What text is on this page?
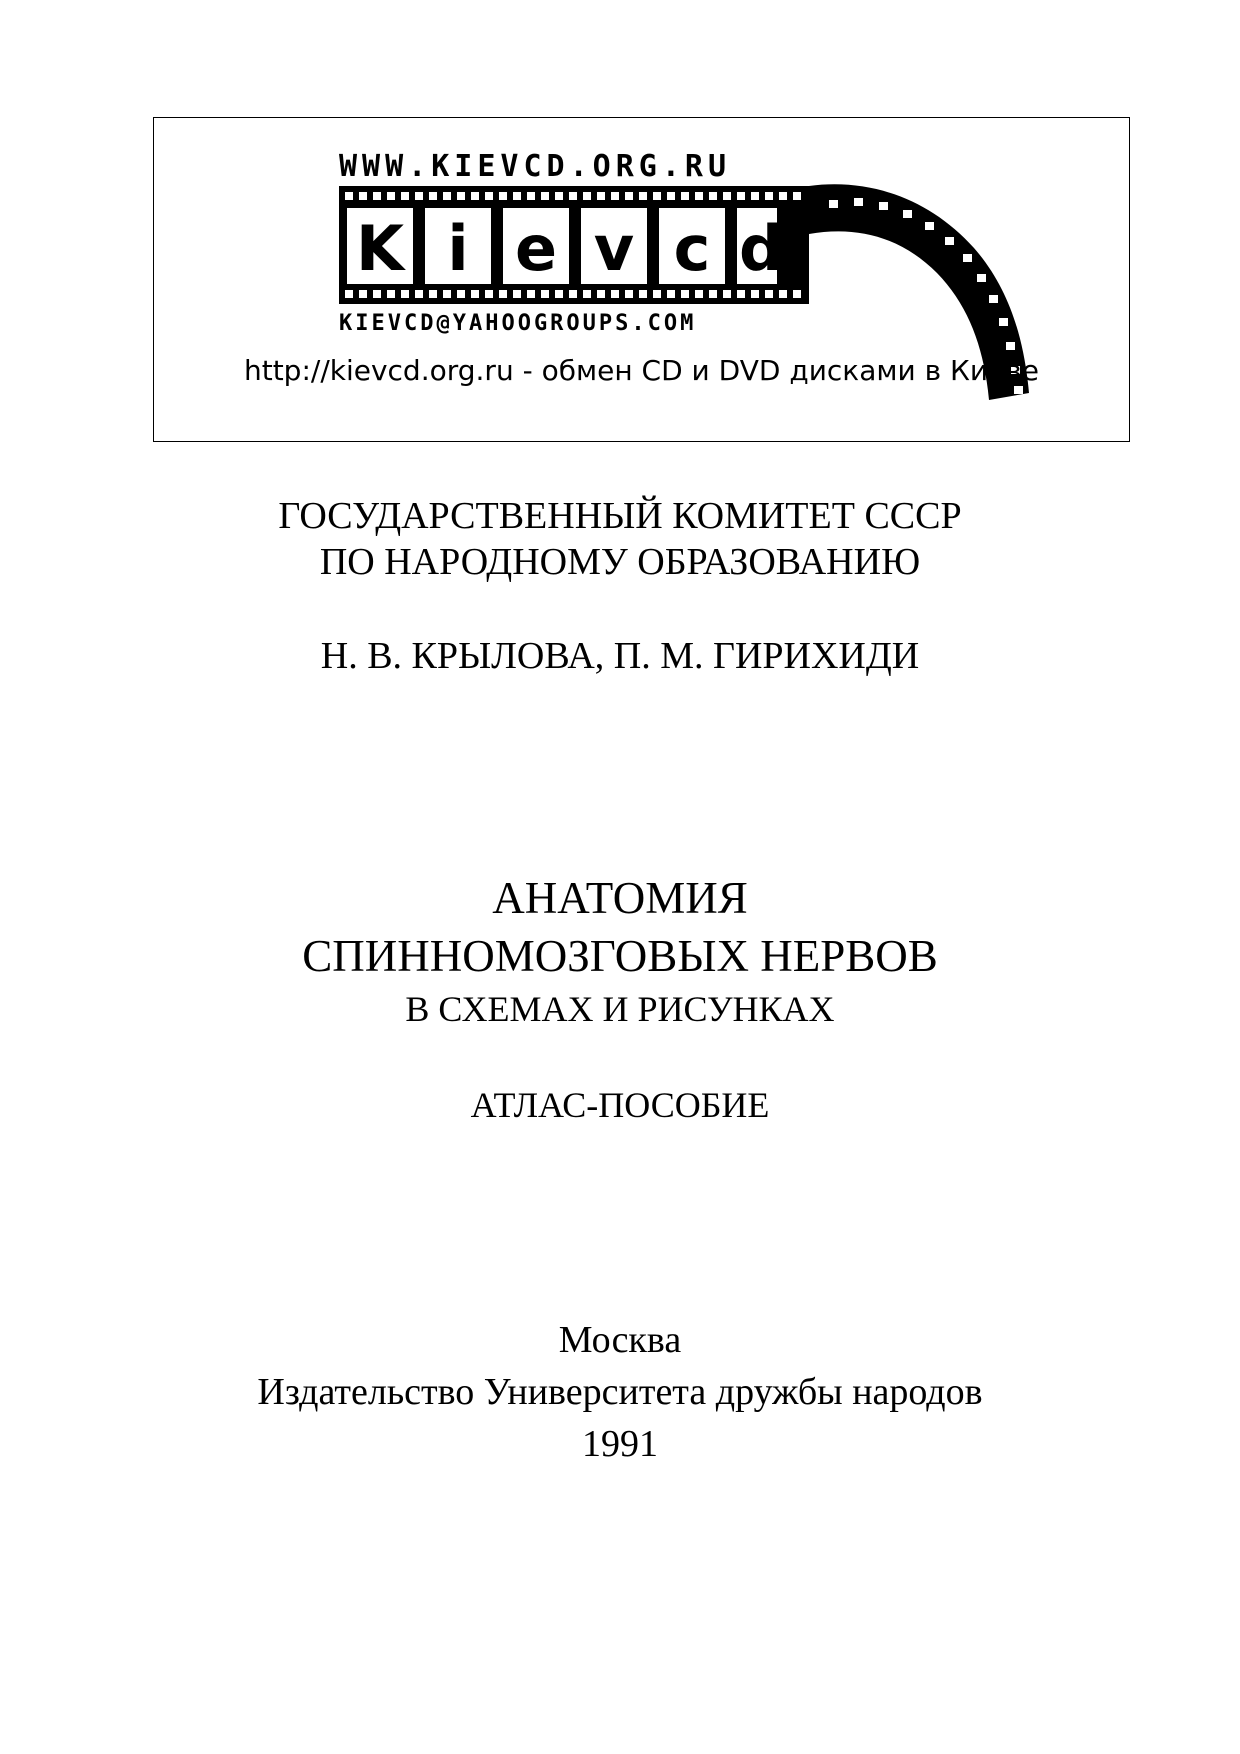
WWW.KIEVCD.ORG.RU
K i e v c d
KIEVCD@YAHOOGROUPS.COM
http://kievcd.org.ru - обмен CD и DVD дисками в Киеве
ГОСУДАРСТВЕННЫЙ КОМИТЕТ СССР
ПО НАРОДНОМУ ОБРАЗОВАНИЮ
Н. В. КРЫЛОВА, П. М. ГИРИХИДИ
АНАТОМИЯ
СПИННОМОЗГОВЫХ НЕРВОВ
В СХЕМАХ И РИСУНКАХ
АТЛАС-ПОСОБИЕ
Москва
Издательство Университета дружбы народов
1991
